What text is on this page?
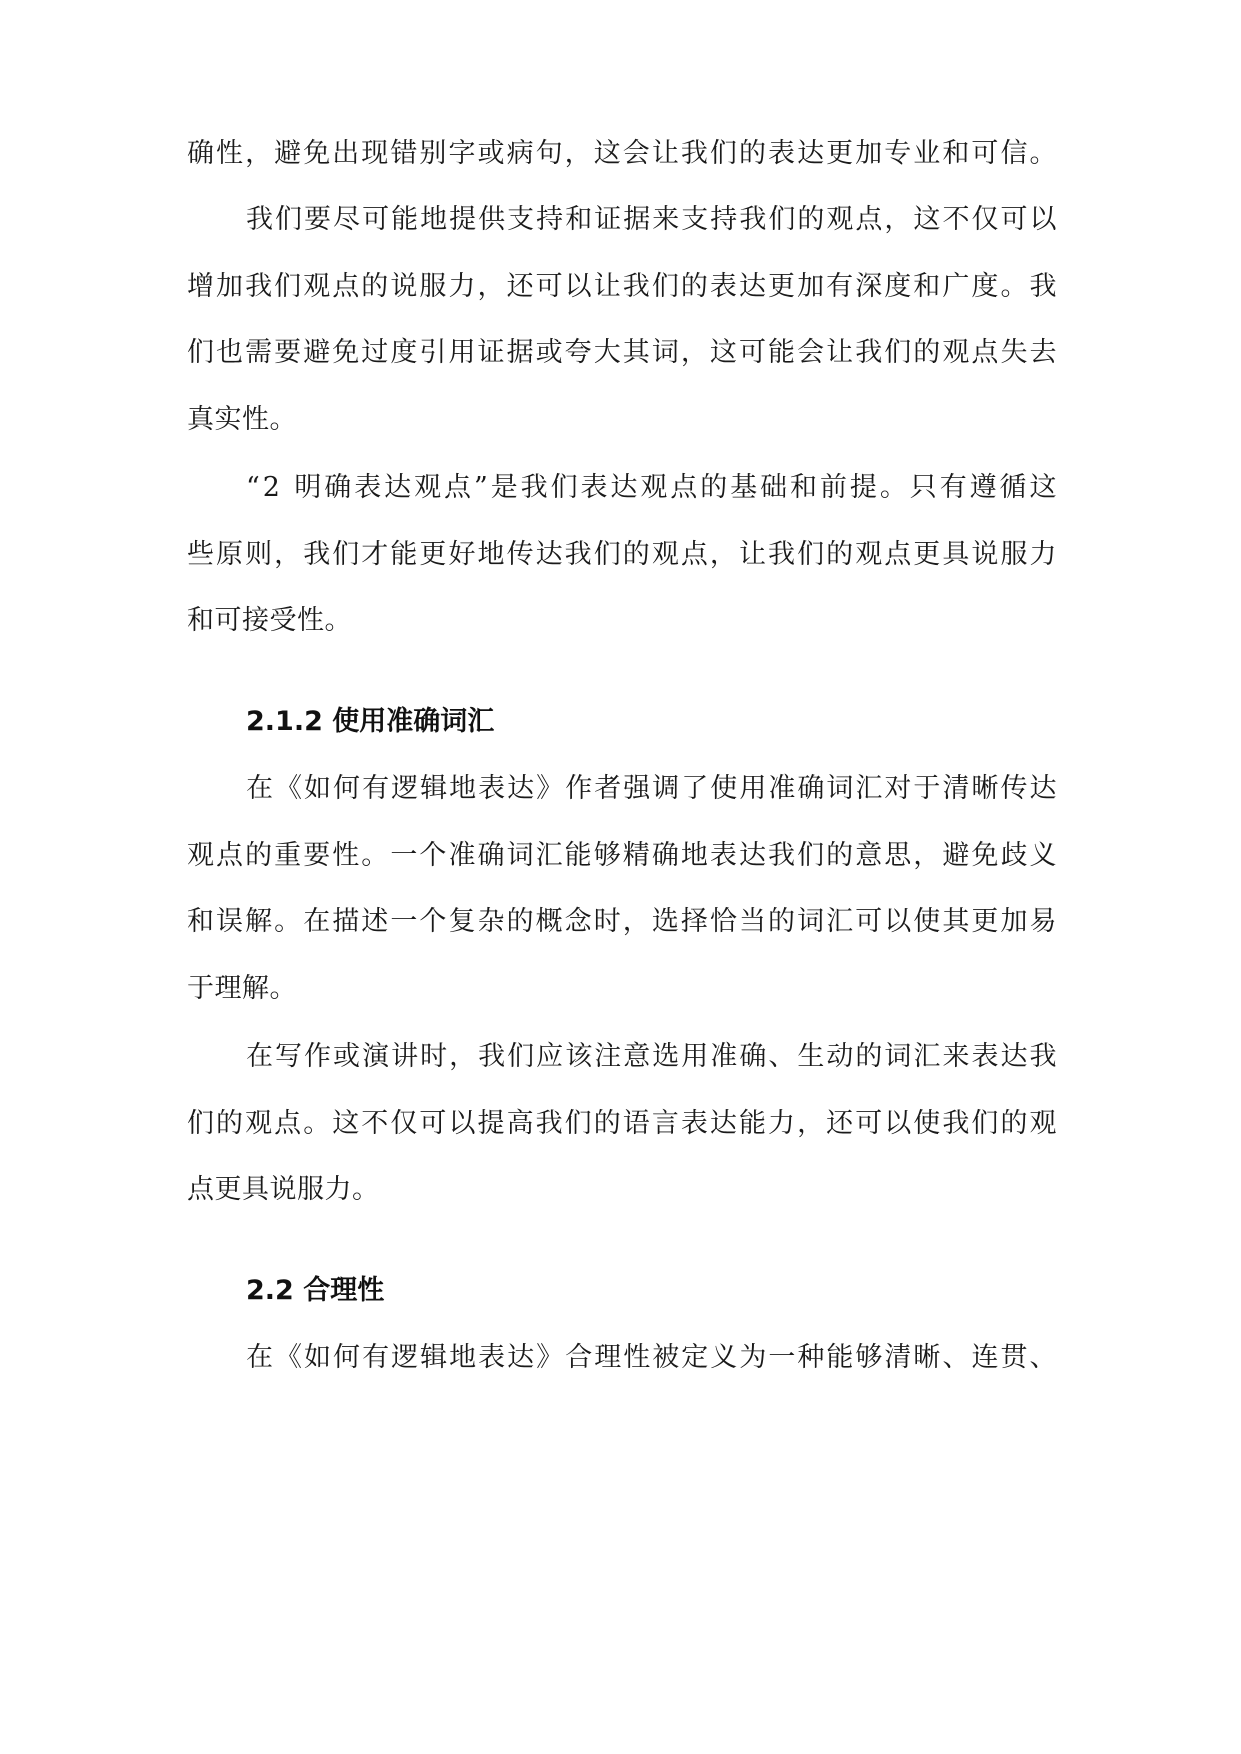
确性，避免出现错别字或病句，这会让我们的表达更加专业和可信。
我们要尽可能地提供支持和证据来支持我们的观点，这不仅可以
增加我们观点的说服力，还可以让我们的表达更加有深度和广度。我
们也需要避免过度引用证据或夸大其词，这可能会让我们的观点失去
真实性。
“2 明确表达观点”是我们表达观点的基础和前提。只有遵循这
些原则，我们才能更好地传达我们的观点，让我们的观点更具说服力
和可接受性。
2.1.2 使用准确词汇
在《如何有逻辑地表达》作者强调了使用准确词汇对于清晰传达
观点的重要性。一个准确词汇能够精确地表达我们的意思，避免歧义
和误解。在描述一个复杂的概念时，选择恰当的词汇可以使其更加易
于理解。
在写作或演讲时，我们应该注意选用准确、生动的词汇来表达我
们的观点。这不仅可以提高我们的语言表达能力，还可以使我们的观
点更具说服力。
2.2 合理性
在《如何有逻辑地表达》合理性被定义为一种能够清晰、连贯、
